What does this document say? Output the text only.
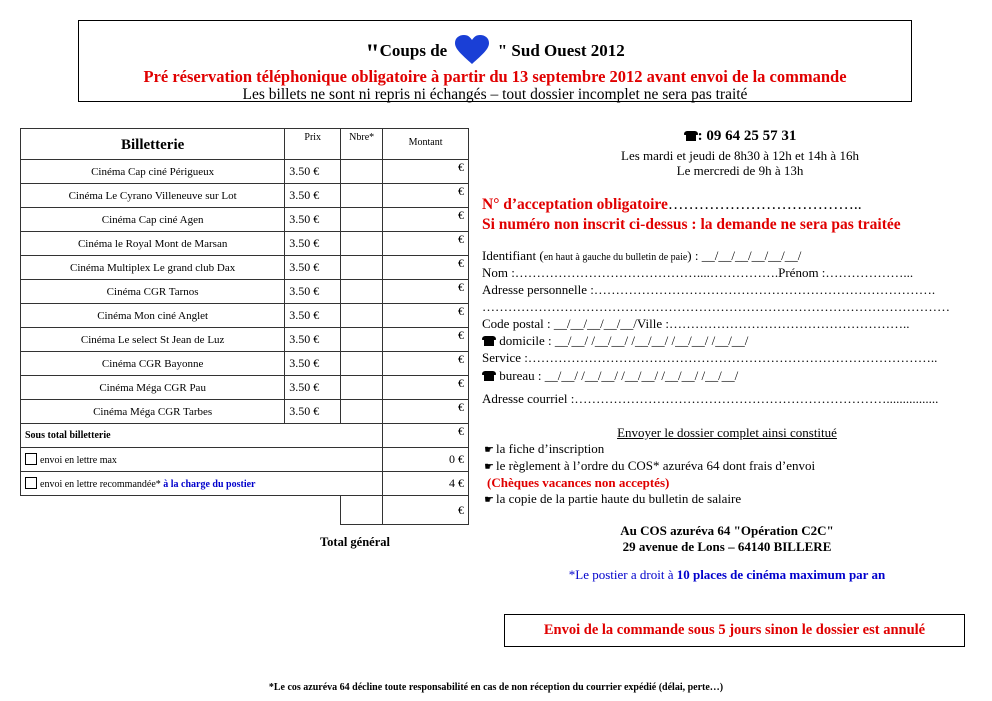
"Coups de	" Sud Ouest 2012
Pré réservation téléphonique obligatoire à partir du 13 septembre 2012 avant envoi de la commande
Les billets ne sont ni repris ni échangés – tout dossier incomplet ne sera pas traité
Billetterie	Prix	Nbre*	Montant
Cinéma Cap ciné Périgueux	3.50 €		€
Cinéma Le Cyrano Villeneuve sur Lot	3.50 €		€
Cinéma Cap ciné Agen	3.50 €		€
Cinéma le Royal Mont de Marsan	3.50 €		€
Cinéma Multiplex Le grand club Dax	3.50 €		€
Cinéma CGR Tarnos	3.50 €		€
Cinéma Mon ciné Anglet	3.50 €		€
Cinéma Le select St Jean de Luz	3.50 €		€
Cinéma CGR Bayonne	3.50 €		€
Cinéma Méga CGR Pau	3.50 €		€
Cinéma Méga CGR Tarbes	3.50 €		€
Sous total billetterie			€
envoi en lettre max			0 €
envoi en lettre recommandée* à la charge du postier			4 €
			€
Total général
: 09 64 25 57 31
Les mardi et jeudi de 8h30 à 12h et 14h à 16h
Le mercredi de 9h à 13h
N° d’acceptation obligatoire………………………………..
Si numéro non inscrit ci-dessus : la demande ne sera pas traitée
Identifiant (en haut à gauche du bulletin de paie) : __/__/__/__/__/__/
Nom :……………………………………....…………….Prénom :………………...
Adresse personnelle :…………………………………………………………………….
………………………………………………………………………………………………
Code postal : __/__/__/__/__/Ville :………………………………………………..
domicile : __/__/ /__/__/ /__/__/ /__/__/ /__/__/
Service :…………………………………………………………………………………..
bureau : __/__/ /__/__/ /__/__/ /__/__/ /__/__/
Adresse courriel :………………………………………………………………................
Envoyer le dossier complet ainsi constitué
☛ la fiche d’inscription
☛ le règlement à l’ordre du COS* azuréva 64 dont frais d’envoi
(Chèques vacances non acceptés)
☛ la copie de la partie haute du bulletin de salaire
Au COS azuréva 64 "Opération C2C"
29 avenue de Lons – 64140 BILLERE
*Le postier a droit à 10 places de cinéma maximum par an
Envoi de la commande sous 5 jours sinon le dossier est annulé
*Le cos azuréva 64 décline toute responsabilité en cas de non réception du courrier expédié (délai, perte…)
